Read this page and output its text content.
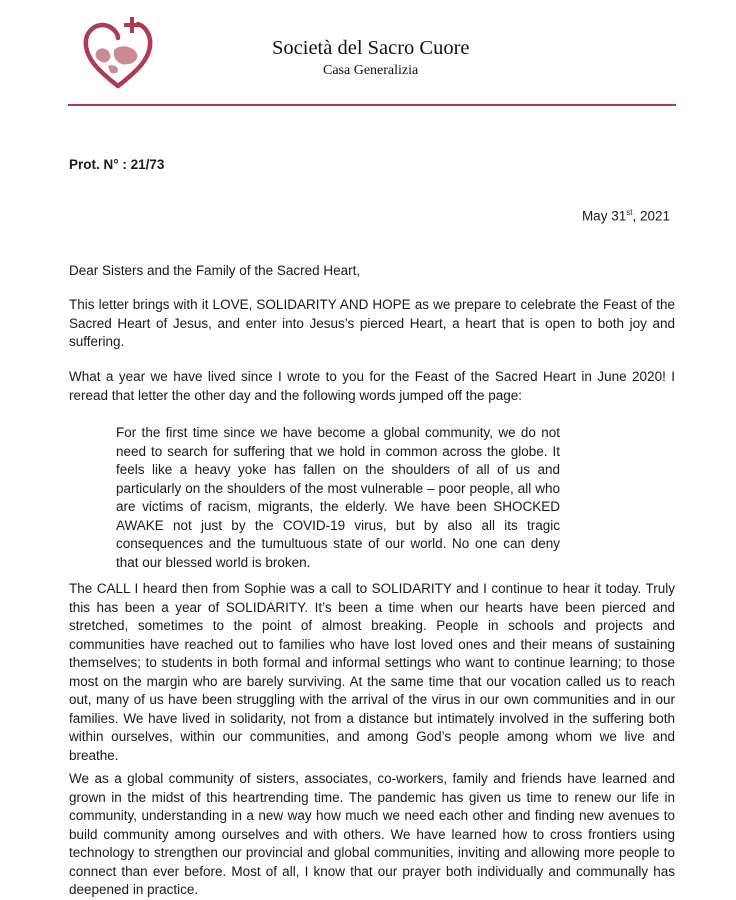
Società del Sacro Cuore
Casa Generalizia
Prot. N° : 21/73
May 31st, 2021
Dear Sisters and the Family of the Sacred Heart,

This letter brings with it LOVE, SOLIDARITY AND HOPE as we prepare to celebrate the Feast of the Sacred Heart of Jesus, and enter into Jesus’s pierced Heart, a heart that is open to both joy and suffering.

What a year we have lived since I wrote to you for the Feast of the Sacred Heart in June 2020! I reread that letter the other day and the following words jumped off the page:

For the first time since we have become a global community, we do not need to search for suffering that we hold in common across the globe. It feels like a heavy yoke has fallen on the shoulders of all of us and particularly on the shoulders of the most vulnerable – poor people, all who are victims of racism, migrants, the elderly. We have been SHOCKED AWAKE not just by the COVID-19 virus, but by also all its tragic consequences and the tumultuous state of our world. No one can deny that our blessed world is broken.

The CALL I heard then from Sophie was a call to SOLIDARITY and I continue to hear it today. Truly this has been a year of SOLIDARITY. It’s been a time when our hearts have been pierced and stretched, sometimes to the point of almost breaking. People in schools and projects and communities have reached out to families who have lost loved ones and their means of sustaining themselves; to students in both formal and informal settings who want to continue learning; to those most on the margin who are barely surviving. At the same time that our vocation called us to reach out, many of us have been struggling with the arrival of the virus in our own communities and in our families. We have lived in solidarity, not from a distance but intimately involved in the suffering both within ourselves, within our communities, and among God’s people among whom we live and breathe.

We as a global community of sisters, associates, co-workers, family and friends have learned and grown in the midst of this heartrending time. The pandemic has given us time to renew our life in community, understanding in a new way how much we need each other and finding new avenues to build community among ourselves and with others. We have learned how to cross frontiers using technology to strengthen our provincial and global communities, inviting and allowing more people to connect than ever before. Most of all, I know that our prayer both individually and communally has deepened in practice.
